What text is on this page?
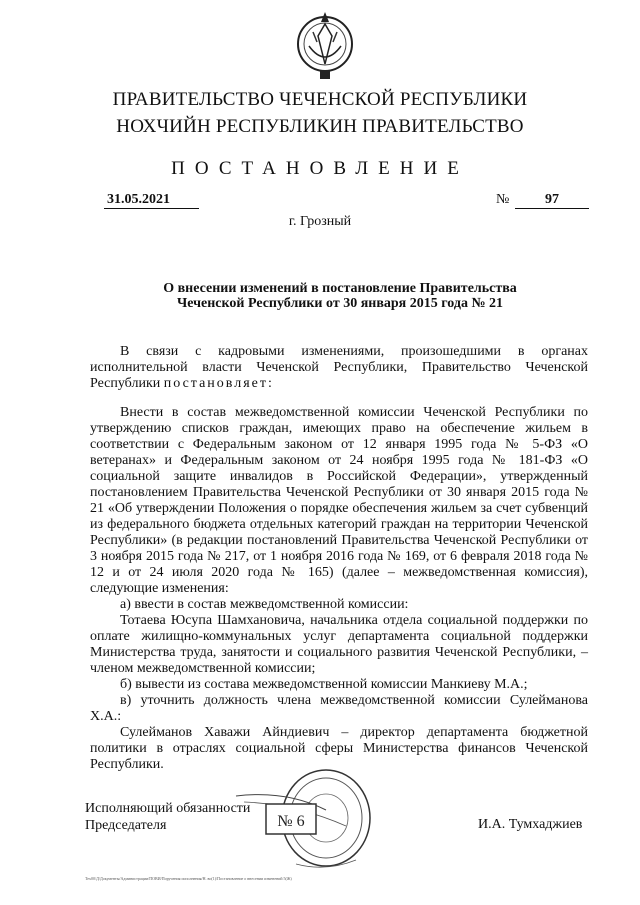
ПРАВИТЕЛЬСТВО ЧЕЧЕНСКОЙ РЕСПУБЛИКИ
НОХЧИЙН РЕСПУБЛИКИН ПРАВИТЕЛЬСТВО
ПОСТАНОВЛЕНИЕ
31.05.2021	№	97
г. Грозный
О внесении изменений в постановление Правительства
Чеченской Республики от 30 января 2015 года № 21

В связи с кадровыми изменениями, произошедшими в органах исполнительной власти Чеченской Республики, Правительство Чеченской Республики постановляет:

Внести в состав межведомственной комиссии Чеченской Республики по утверждению списков граждан, имеющих право на обеспечение жильем в соответствии с Федеральным законом от 12 января 1995 года № 5-ФЗ «О ветеранах» и Федеральным законом от 24 ноября 1995 года № 181-ФЗ «О социальной защите инвалидов в Российской Федерации», утвержденный постановлением Правительства Чеченской Республики от 30 января 2015 года № 21 «Об утверждении Положения о порядке обеспечения жильем за счет субвенций из федерального бюджета отдельных категорий граждан на территории Чеченской Республики» (в редакции постановлений Правительства Чеченской Республики от 3 ноября 2015 года № 217, от 1 ноября 2016 года № 169, от 6 февраля 2018 года № 12 и от 24 июля 2020 года № 165) (далее – межведомственная комиссия), следующие изменения:

а) ввести в состав межведомственной комиссии:

Тотаева Юсупа Шамхановича, начальника отдела социальной поддержки по оплате жилищно-коммунальных услуг департамента социальной поддержки Министерства труда, занятости и социального развития Чеченской Республики, – членом межведомственной комиссии;

б) вывести из состава межведомственной комиссии Манкиеву М.А.;

в) уточнить должность члена межведомственной комиссии Сулейманова Х.А.:

Сулейманов Хаважи Айндиевич – директор департамента бюджетной политики в отраслях социальной сферы Министерства финансов Чеченской Республики.

Исполняющий обязанности
Председателя	И.А. Тумхаджиев
№ 6
Тех00/Д/Документы/Администрации/ПОВИ/Поручения исполнения/Н. во(1)/Постановление о внесении изменений 5(Ж)
